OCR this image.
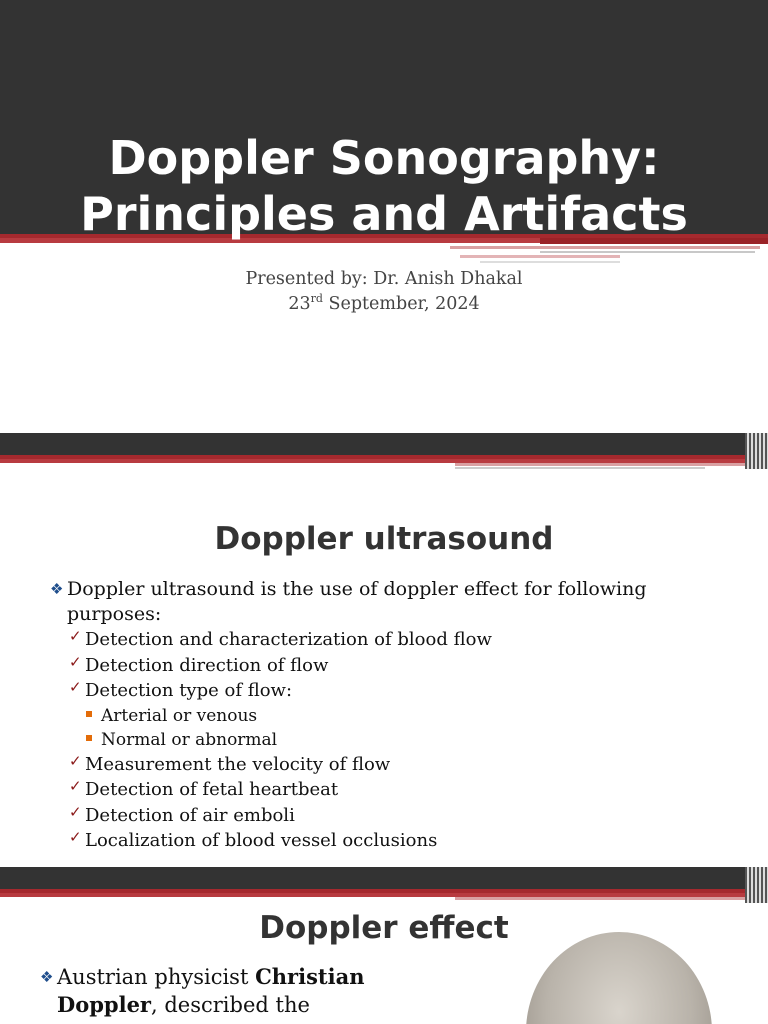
Doppler Sonography:
Principles and Artifacts
Presented by: Dr. Anish Dhakal
23rd September, 2024
Doppler ultrasound
❖ Doppler ultrasound is the use of doppler effect for following purposes:
✓ Detection and characterization of blood flow
✓ Detection direction of flow
✓ Detection type of flow:
Arterial or venous
Normal or abnormal
✓ Measurement the velocity of flow
✓ Detection of fetal heartbeat
✓ Detection of air emboli
✓ Localization of blood vessel occlusions
Doppler effect
❖ Austrian physicist Christian
Doppler, described the
